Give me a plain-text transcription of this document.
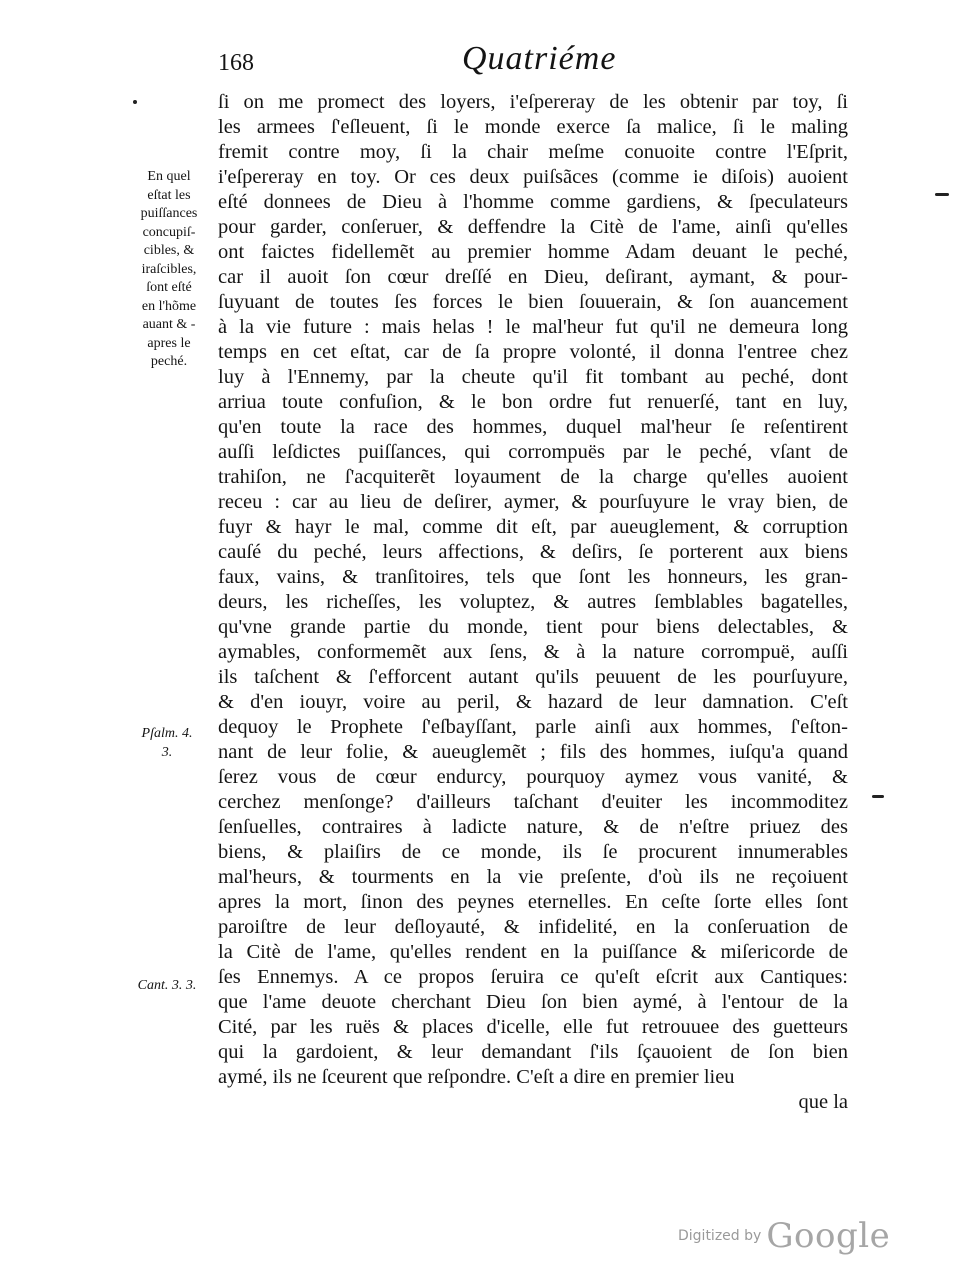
168	Quatriéme
ſi on me promect des loyers, i'eſpereray de les obtenir par toy, ſi
les armees ſ'eſleuent, ſi le monde exerce ſa malice, ſi le maling
fremit contre moy, ſi la chair meſme conuoite contre l'Eſprit,
i'eſpereray en toy. Or ces deux puiſsãces (comme ie diſois) auoient
eſté donnees de Dieu à l'homme comme gardiens, & ſpeculateurs
pour garder, conſeruer, & deffendre la Citè de l'ame, ainſi qu'elles
ont faictes fidellemẽt au premier homme Adam deuant le peché,
car il auoit ſon cœur dreſſé en Dieu, deſirant, aymant, & pour-
ſuyuant de toutes ſes forces le bien ſouuerain, & ſon auancement
à la vie future : mais helas ! le mal'heur fut qu'il ne demeura long
temps en cet eſtat, car de ſa propre volonté, il donna l'entree chez
luy à l'Ennemy, par la cheute qu'il fit tombant au peché, dont
arriua toute confuſion, & le bon ordre fut renuerſé, tant en luy,
qu'en toute la race des hommes, duquel mal'heur ſe reſentirent
auſſi leſdictes puiſſances, qui corrompuës par le peché, vſant de
trahiſon, ne ſ'acquiterẽt loyaument de la charge qu'elles auoient
receu : car au lieu de deſirer, aymer, & pourſuyure le vray bien, de
fuyr & hayr le mal, comme dit eſt, par aueuglement, & corruption
cauſé du peché, leurs affections, & deſirs, ſe porterent aux biens
faux, vains, & tranſitoires, tels que ſont les honneurs, les gran-
deurs, les richeſſes, les voluptez, & autres ſemblables bagatelles,
qu'vne grande partie du monde, tient pour biens delectables, &
aymables, conformemẽt aux ſens, & à la nature corrompuë, auſſi
ils taſchent & ſ'efforcent autant qu'ils peuuent de les pourſuyure,
& d'en iouyr, voire au peril, & hazard de leur damnation. C'eſt
dequoy le Prophete ſ'eſbayſſant, parle ainſi aux hommes, ſ'eſton-
nant de leur folie, & aueuglemẽt ; fils des hommes, iuſqu'a quand
ſerez vous de cœur endurcy, pourquoy aymez vous vanité, &
cerchez menſonge? d'ailleurs taſchant d'euiter les incommoditez
ſenſuelles, contraires à ladicte nature, & de n'eſtre priuez des
biens, & plaiſirs de ce monde, ils ſe procurent innumerables
mal'heurs, & tourments en la vie preſente, d'où ils ne reçoiuent
apres la mort, ſinon des peynes eternelles. En ceſte ſorte elles ſont
paroiſtre de leur deſloyauté, & infidelité, en la conſeruation de
la Citè de l'ame, qu'elles rendent en la puiſſance & miſericorde de
ſes Ennemys. A ce propos ſeruira ce qu'eſt eſcrit aux Cantiques:
que l'ame deuote cherchant Dieu ſon bien aymé, à l'entour de la
Cité, par les ruës & places d'icelle, elle fut retrouuee des guetteurs
qui la gardoient, & leur demandant ſ'ils ſçauoient de ſon bien
aymé, ils ne ſceurent que reſpondre. C'eſt a dire en premier lieu
que la
En quel
eſtat les
puiſſances
concupiſ-
cibles, &
iraſcibles,
ſont eſté
en l'hõme
auant & -
apres le
peché.
Pſalm. 4.
3.
Cant. 3. 3.
Digitized by Google
